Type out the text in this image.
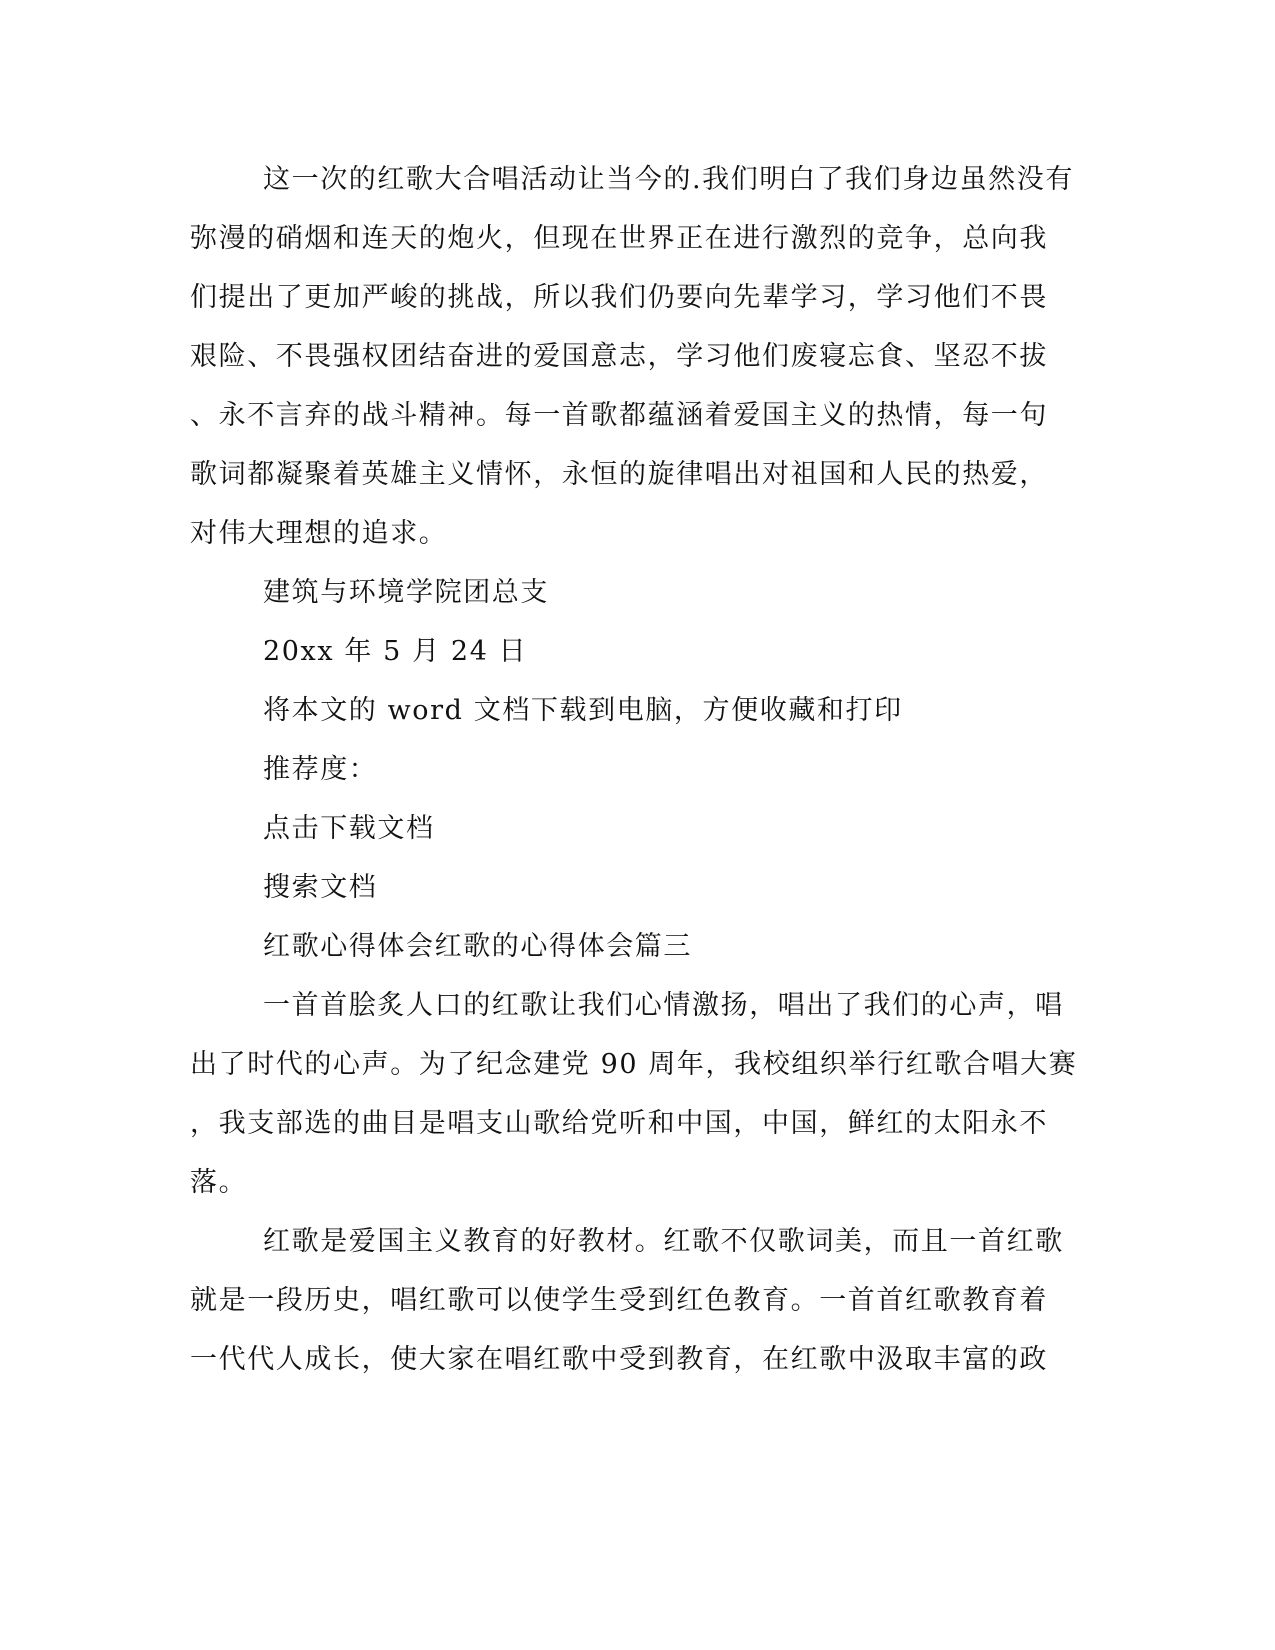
这一次的红歌大合唱活动让当今的.我们明白了我们身边虽然没有
弥漫的硝烟和连天的炮火，但现在世界正在进行激烈的竞争，总向我
们提出了更加严峻的挑战，所以我们仍要向先辈学习，学习他们不畏
艰险、不畏强权团结奋进的爱国意志，学习他们废寝忘食、坚忍不拔
、永不言弃的战斗精神。每一首歌都蕴涵着爱国主义的热情，每一句
歌词都凝聚着英雄主义情怀，永恒的旋律唱出对祖国和人民的热爱，
对伟大理想的追求。
建筑与环境学院团总支
20xx 年 5 月 24 日
将本文的 word 文档下载到电脑，方便收藏和打印
推荐度：
点击下载文档
搜索文档
红歌心得体会红歌的心得体会篇三
一首首脍炙人口的红歌让我们心情激扬，唱出了我们的心声，唱
出了时代的心声。为了纪念建党 90 周年，我校组织举行红歌合唱大赛
，我支部选的曲目是唱支山歌给党听和中国，中国，鲜红的太阳永不
落。
红歌是爱国主义教育的好教材。红歌不仅歌词美，而且一首红歌
就是一段历史，唱红歌可以使学生受到红色教育。一首首红歌教育着
一代代人成长，使大家在唱红歌中受到教育，在红歌中汲取丰富的政
